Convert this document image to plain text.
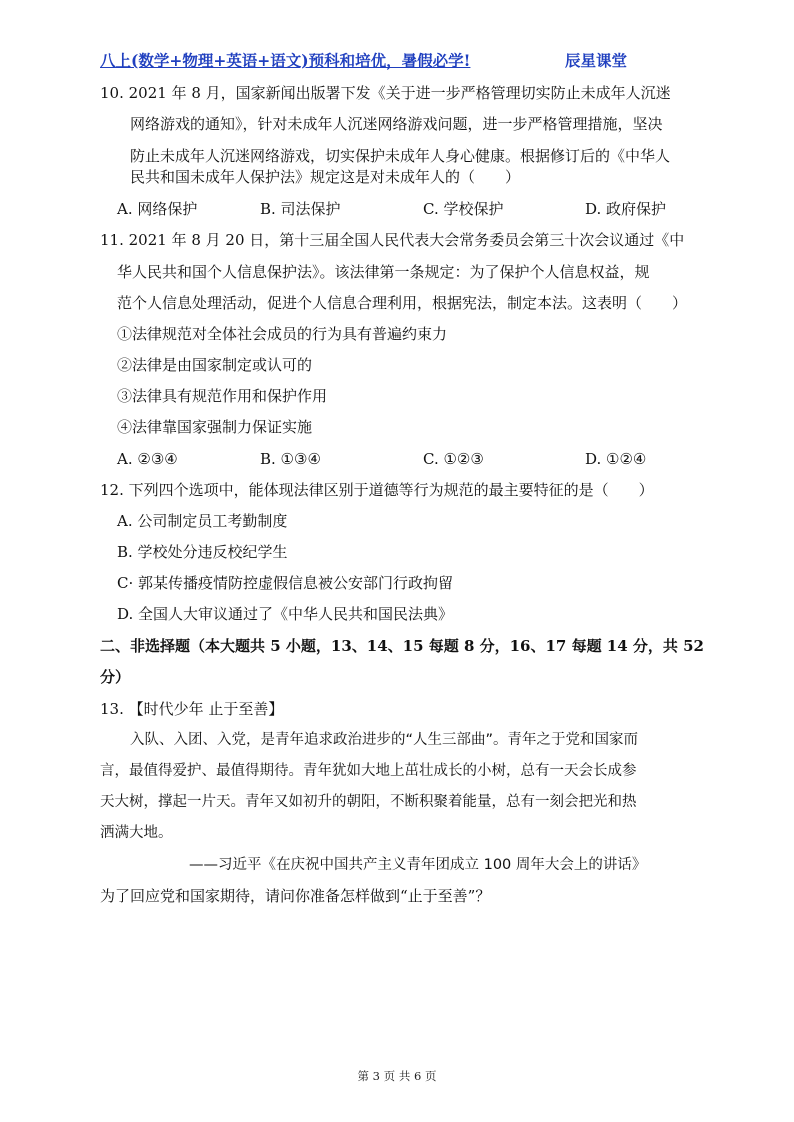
八上(数学+物理+英语+语文)预科和培优，暑假必学!	辰星课堂
10. 2021 年 8 月，国家新闻出版署下发《关于进一步严格管理切实防止未成年人沉迷
网络游戏的通知》，针对未成年人沉迷网络游戏问题，进一步严格管理措施，坚决
防止未成年人沉迷网络游戏，切实保护未成年人身心健康。根据修订后的《中华人
民共和国未成年人保护法》规定这是对未成年人的（　　）
A. 网络保护	B. 司法保护	C. 学校保护	D. 政府保护
11. 2021 年 8 月 20 日，第十三届全国人民代表大会常务委员会第三十次会议通过《中
华人民共和国个人信息保护法》。该法律第一条规定：为了保护个人信息权益，规
范个人信息处理活动，促进个人信息合理利用，根据宪法，制定本法。这表明（　　）
①法律规范对全体社会成员的行为具有普遍约束力
②法律是由国家制定或认可的
③法律具有规范作用和保护作用
④法律靠国家强制力保证实施
A. ②③④	B. ①③④	C. ①②③	D. ①②④
12. 下列四个选项中，能体现法律区别于道德等行为规范的最主要特征的是（　　）
A. 公司制定员工考勤制度
B. 学校处分违反校纪学生
C· 郭某传播疫情防控虚假信息被公安部门行政拘留
D. 全国人大审议通过了《中华人民共和国民法典》
二、非选择题（本大题共 5 小题，13、14、15 每题 8 分，16、17 每题 14 分，共 52
分）
13. 【时代少年 止于至善】
入队、入团、入党，是青年追求政治进步的“人生三部曲”。青年之于党和国家而
言，最值得爱护、最值得期待。青年犹如大地上茁壮成长的小树，总有一天会长成参
天大树，撑起一片天。青年又如初升的朝阳，不断积聚着能量，总有一刻会把光和热
洒满大地。
——习近平《在庆祝中国共产主义青年团成立 100 周年大会上的讲话》
为了回应党和国家期待，请问你准备怎样做到“止于至善”？
第 3 页 共 6 页
